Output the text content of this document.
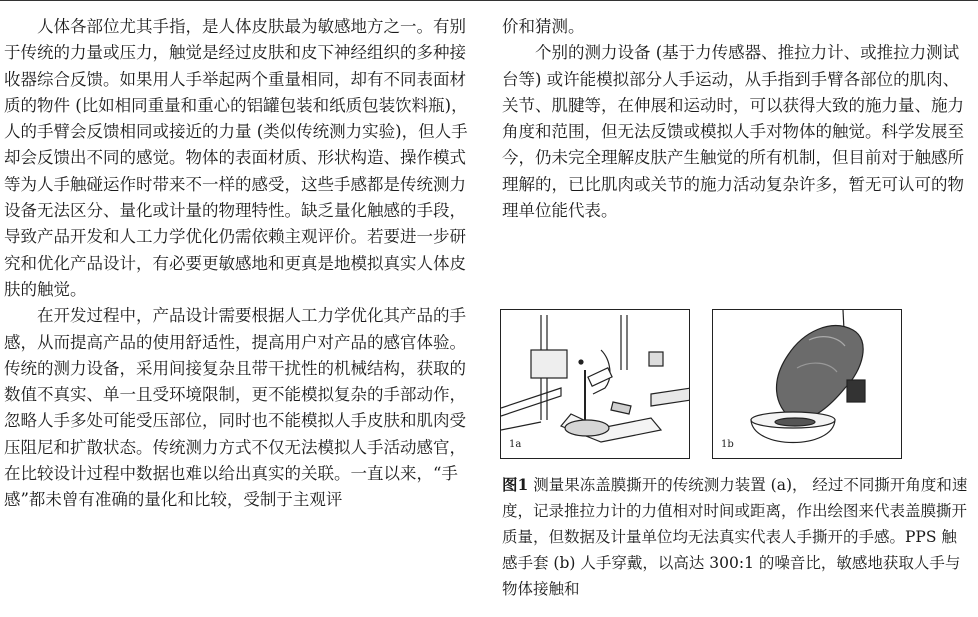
人体各部位尤其手指，是人体皮肤最为敏感地方之一。有别于传统的力量或压力，触觉是经过皮肤和皮下神经组织的多种接收器综合反馈。如果用人手举起两个重量相同，却有不同表面材质的物件 (比如相同重量和重心的铝罐包装和纸质包装饮料瓶)，人的手臂会反馈相同或接近的力量 (类似传统测力实验)，但人手却会反馈出不同的感觉。物体的表面材质、形状构造、操作模式等为人手触碰运作时带来不一样的感受，这些手感都是传统测力设备无法区分、量化或计量的物理特性。缺乏量化触感的手段，导致产品开发和人工力学优化仍需依赖主观评价。若要进一步研究和优化产品设计，有必要更敏感地和更真是地模拟真实人体皮肤的触觉。

在开发过程中，产品设计需要根据人工力学优化其产品的手感，从而提高产品的使用舒适性，提高用户对产品的感官体验。传统的测力设备，采用间接复杂且带干扰性的机械结构，获取的数值不真实、单一且受环境限制，更不能模拟复杂的手部动作，忽略人手多处可能受压部位，同时也不能模拟人手皮肤和肌肉受压阻尼和扩散状态。传统测力方式不仅无法模拟人手活动感官，在比较设计过程中数据也难以给出真实的关联。一直以来，“手感”都未曾有准确的量化和比较，受制于主观评

价和猜测。

个别的测力设备 (基于力传感器、推拉力计、或推拉力测试台等) 或许能模拟部分人手运动，从手指到手臂各部位的肌肉、关节、肌腱等，在伸展和运动时，可以获得大致的施力量、施力角度和范围，但无法反馈或模拟人手对物体的触觉。科学发展至今，仍未完全理解皮肤产生触觉的所有机制，但目前对于触感所理解的，已比肌肉或关节的施力活动复杂许多，暂无可认可的物理单位能代表。

1a	1b
图1 测量果冻盖膜撕开的传统测力装置 (a)， 经过不同撕开角度和速度，记录推拉力计的力值相对时间或距离，作出绘图来代表盖膜撕开质量，但数据及计量单位均无法真实代表人手撕开的手感。PPS 触感手套 (b) 人手穿戴，以高达 300:1 的噪音比，敏感地获取人手与物体接触和
